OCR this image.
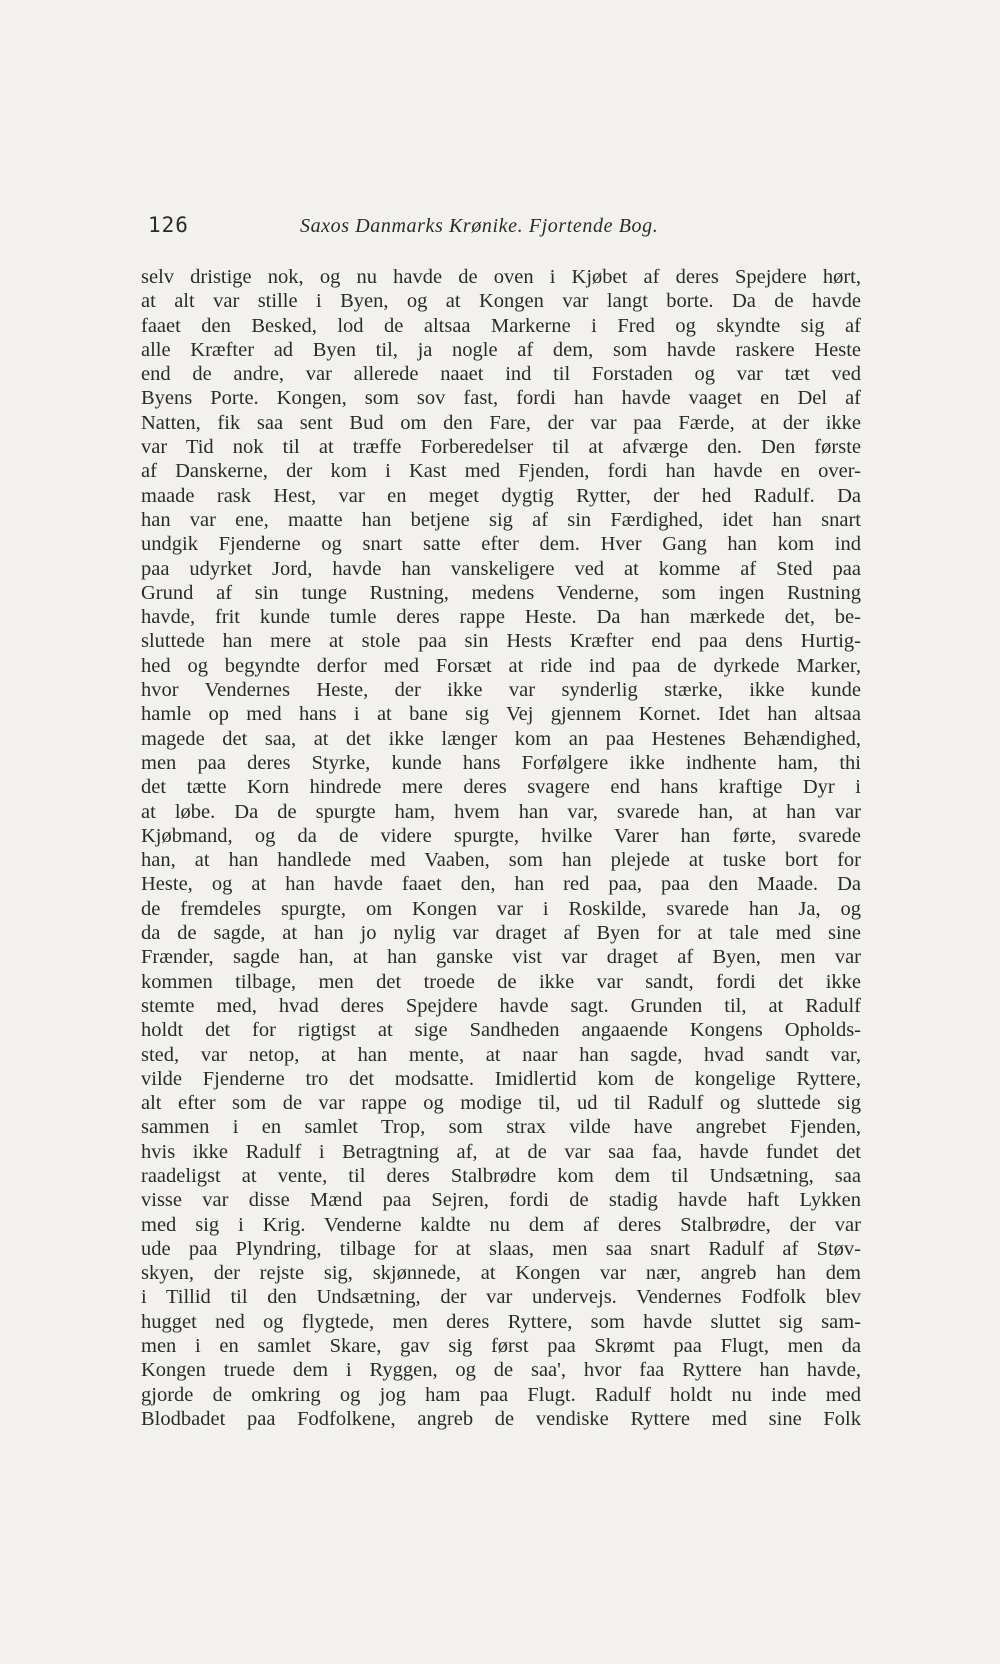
126	Saxos Danmarks Krønike. Fjortende Bog.
selv dristige nok, og nu havde de oven i Kjøbet af deres Spejdere hørt,
at alt var stille i Byen, og at Kongen var langt borte. Da de havde
faaet den Besked, lod de altsaa Markerne i Fred og skyndte sig af
alle Kræfter ad Byen til, ja nogle af dem, som havde raskere Heste
end de andre, var allerede naaet ind til Forstaden og var tæt ved
Byens Porte. Kongen, som sov fast, fordi han havde vaaget en Del af
Natten, fik saa sent Bud om den Fare, der var paa Færde, at der ikke
var Tid nok til at træffe Forberedelser til at afværge den. Den første
af Danskerne, der kom i Kast med Fjenden, fordi han havde en over-
maade rask Hest, var en meget dygtig Rytter, der hed Radulf. Da
han var ene, maatte han betjene sig af sin Færdighed, idet han snart
undgik Fjenderne og snart satte efter dem. Hver Gang han kom ind
paa udyrket Jord, havde han vanskeligere ved at komme af Sted paa
Grund af sin tunge Rustning, medens Venderne, som ingen Rustning
havde, frit kunde tumle deres rappe Heste. Da han mærkede det, be-
sluttede han mere at stole paa sin Hests Kræfter end paa dens Hurtig-
hed og begyndte derfor med Forsæt at ride ind paa de dyrkede Marker,
hvor Vendernes Heste, der ikke var synderlig stærke, ikke kunde
hamle op med hans i at bane sig Vej gjennem Kornet. Idet han altsaa
magede det saa, at det ikke længer kom an paa Hestenes Behændighed,
men paa deres Styrke, kunde hans Forfølgere ikke indhente ham, thi
det tætte Korn hindrede mere deres svagere end hans kraftige Dyr i
at løbe. Da de spurgte ham, hvem han var, svarede han, at han var
Kjøbmand, og da de videre spurgte, hvilke Varer han førte, svarede
han, at han handlede med Vaaben, som han plejede at tuske bort for
Heste, og at han havde faaet den, han red paa, paa den Maade. Da
de fremdeles spurgte, om Kongen var i Roskilde, svarede han Ja, og
da de sagde, at han jo nylig var draget af Byen for at tale med sine
Frænder, sagde han, at han ganske vist var draget af Byen, men var
kommen tilbage, men det troede de ikke var sandt, fordi det ikke
stemte med, hvad deres Spejdere havde sagt. Grunden til, at Radulf
holdt det for rigtigst at sige Sandheden angaaende Kongens Opholds-
sted, var netop, at han mente, at naar han sagde, hvad sandt var,
vilde Fjenderne tro det modsatte. Imidlertid kom de kongelige Ryttere,
alt efter som de var rappe og modige til, ud til Radulf og sluttede sig
sammen i en samlet Trop, som strax vilde have angrebet Fjenden,
hvis ikke Radulf i Betragtning af, at de var saa faa, havde fundet det
raadeligst at vente, til deres Stalbrødre kom dem til Undsætning, saa
visse var disse Mænd paa Sejren, fordi de stadig havde haft Lykken
med sig i Krig. Venderne kaldte nu dem af deres Stalbrødre, der var
ude paa Plyndring, tilbage for at slaas, men saa snart Radulf af Støv-
skyen, der rejste sig, skjønnede, at Kongen var nær, angreb han dem
i Tillid til den Undsætning, der var undervejs. Vendernes Fodfolk blev
hugget ned og flygtede, men deres Ryttere, som havde sluttet sig sam-
men i en samlet Skare, gav sig først paa Skrømt paa Flugt, men da
Kongen truede dem i Ryggen, og de saa', hvor faa Ryttere han havde,
gjorde de omkring og jog ham paa Flugt. Radulf holdt nu inde med
Blodbadet paa Fodfolkene, angreb de vendiske Ryttere med sine Folk
